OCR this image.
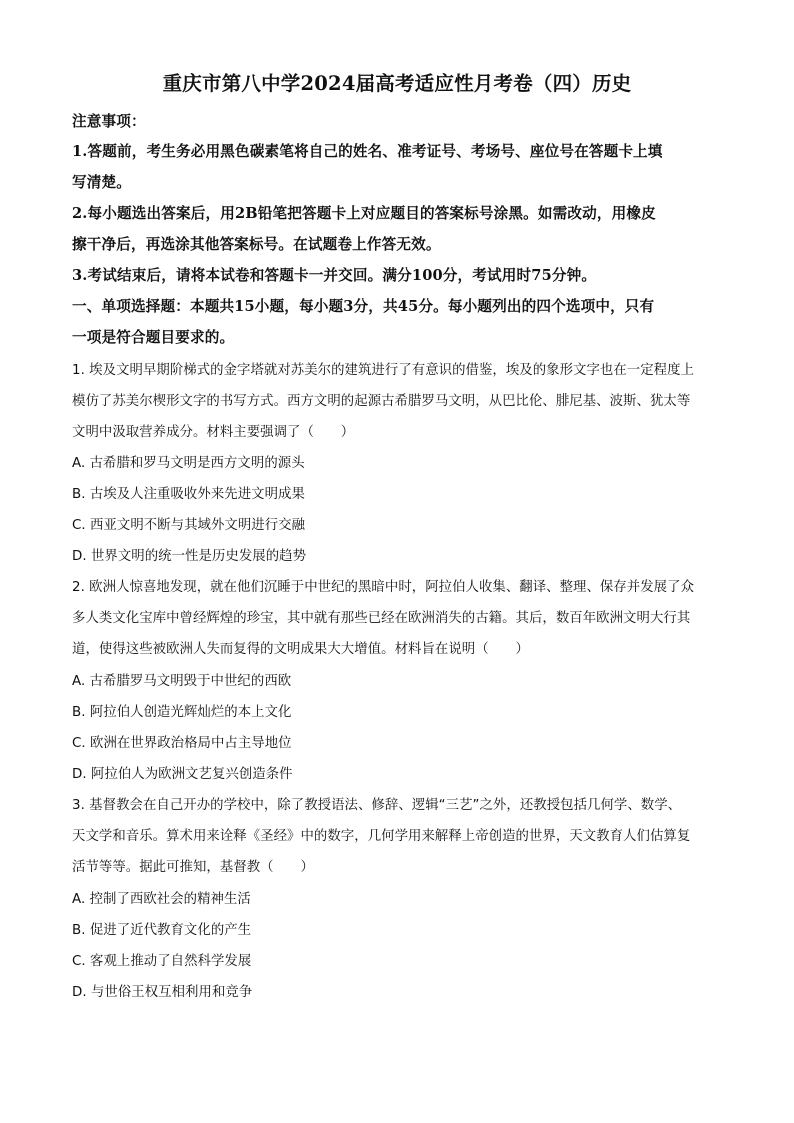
重庆市第八中学2024届高考适应性月考卷（四）历史
注意事项：
1.答题前，考生务必用黑色碳素笔将自己的姓名、准考证号、考场号、座位号在答题卡上填
写清楚。
2.每小题选出答案后，用2B铅笔把答题卡上对应题目的答案标号涂黑。如需改动，用橡皮
擦干净后，再选涂其他答案标号。在试题卷上作答无效。
3.考试结束后，请将本试卷和答题卡一并交回。满分100分，考试用时75分钟。
一、单项选择题：本题共15小题，每小题3分，共45分。每小题列出的四个选项中，只有
一项是符合题目要求的。
1. 埃及文明早期阶梯式的金字塔就对苏美尔的建筑进行了有意识的借鉴，埃及的象形文字也在一定程度上
模仿了苏美尔楔形文字的书写方式。西方文明的起源古希腊罗马文明，从巴比伦、腓尼基、波斯、犹太等
文明中汲取营养成分。材料主要强调了（　　）
A. 古希腊和罗马文明是西方文明的源头
B. 古埃及人注重吸收外来先进文明成果
C. 西亚文明不断与其域外文明进行交融
D. 世界文明的统一性是历史发展的趋势
2. 欧洲人惊喜地发现，就在他们沉睡于中世纪的黑暗中时，阿拉伯人收集、翻译、整理、保存并发展了众
多人类文化宝库中曾经辉煌的珍宝，其中就有那些已经在欧洲消失的古籍。其后，数百年欧洲文明大行其
道，使得这些被欧洲人失而复得的文明成果大大增值。材料旨在说明（　　）
A. 古希腊罗马文明毁于中世纪的西欧
B. 阿拉伯人创造光辉灿烂的本上文化
C. 欧洲在世界政治格局中占主导地位
D. 阿拉伯人为欧洲文艺复兴创造条件
3. 基督教会在自己开办的学校中，除了教授语法、修辞、逻辑“三艺”之外，还教授包括几何学、数学、
天文学和音乐。算术用来诠释《圣经》中的数字，几何学用来解释上帝创造的世界，天文教育人们估算复
活节等等。据此可推知，基督教（　　）
A. 控制了西欧社会的精神生活
B. 促进了近代教育文化的产生
C. 客观上推动了自然科学发展
D. 与世俗王权互相利用和竞争
